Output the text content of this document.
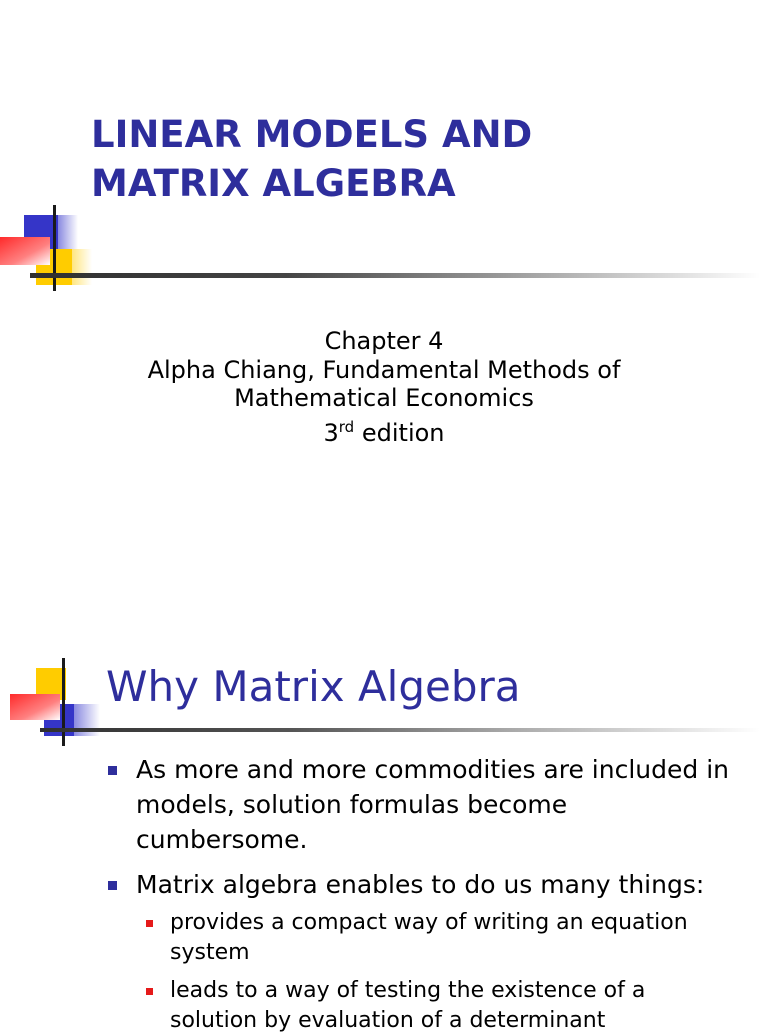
LINEAR MODELS AND
MATRIX ALGEBRA
Chapter 4
Alpha Chiang, Fundamental Methods of
Mathematical Economics
3rd edition
Why Matrix Algebra
As more and more commodities are included in models, solution formulas become cumbersome.
Matrix algebra enables to do us many things:
provides a compact way of writing an equation system
leads to a way of testing the existence of a solution by evaluation of a determinant
